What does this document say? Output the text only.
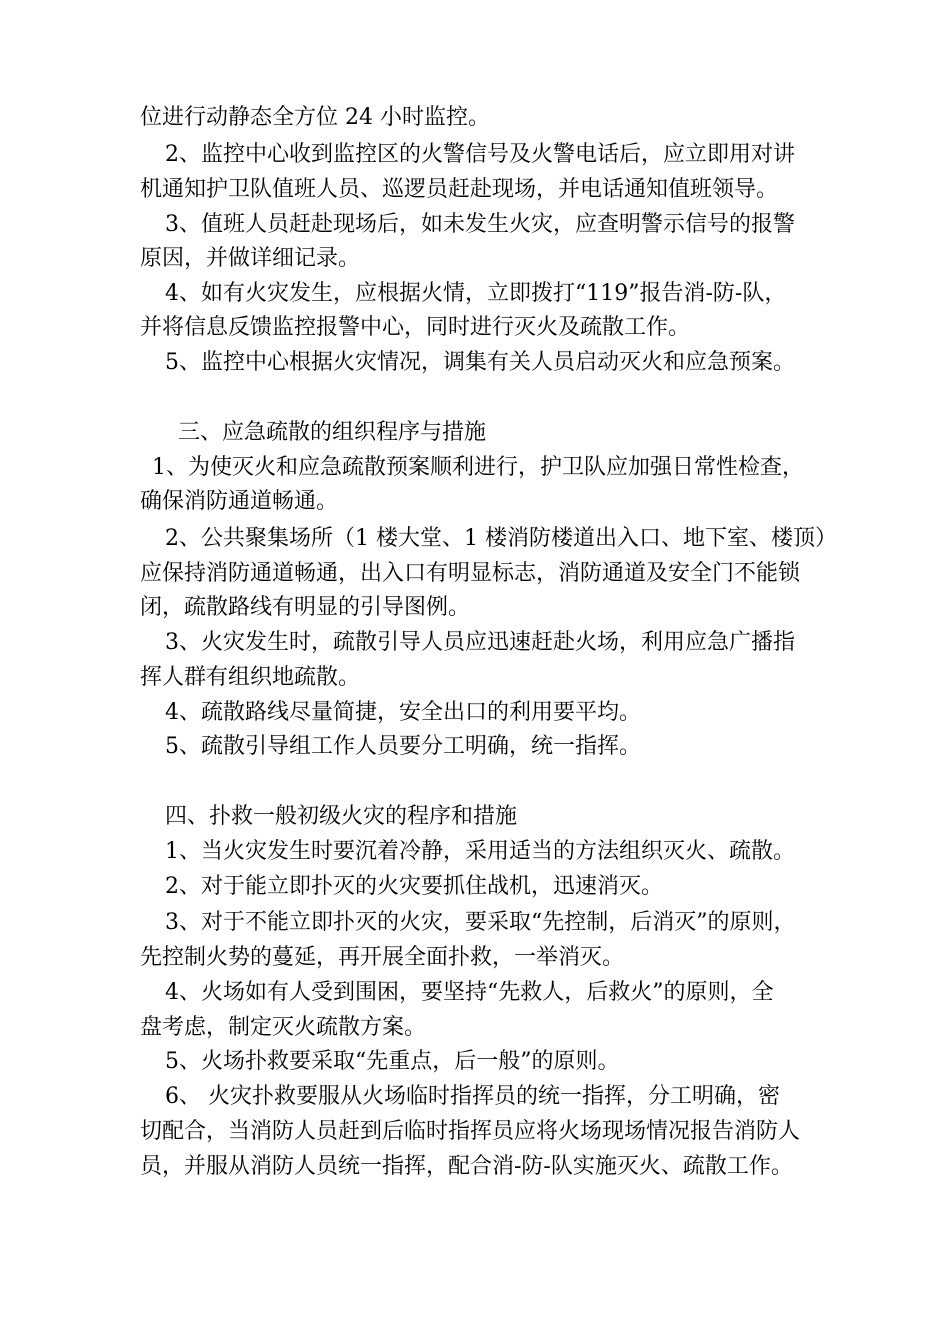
位进行动静态全方位 24 小时监控。
2、监控中心收到监控区的火警信号及火警电话后，应立即用对讲
机通知护卫队值班人员、巡逻员赶赴现场，并电话通知值班领导。
3、值班人员赶赴现场后，如未发生火灾，应查明警示信号的报警
原因，并做详细记录。
4、如有火灾发生，应根据火情，立即拨打“119”报告消-防-队，
并将信息反馈监控报警中心，同时进行灭火及疏散工作。
5、监控中心根据火灾情况，调集有关人员启动灭火和应急预案。
三、应急疏散的组织程序与措施
1、为使灭火和应急疏散预案顺利进行，护卫队应加强日常性检查，
确保消防通道畅通。
2、公共聚集场所（1 楼大堂、1 楼消防楼道出入口、地下室、楼顶）
应保持消防通道畅通，出入口有明显标志，消防通道及安全门不能锁
闭，疏散路线有明显的引导图例。
3、火灾发生时，疏散引导人员应迅速赶赴火场，利用应急广播指
挥人群有组织地疏散。
4、疏散路线尽量简捷，安全出口的利用要平均。
5、疏散引导组工作人员要分工明确，统一指挥。
四、扑救一般初级火灾的程序和措施
1、当火灾发生时要沉着冷静，采用适当的方法组织灭火、疏散。
2、对于能立即扑灭的火灾要抓住战机，迅速消灭。
3、对于不能立即扑灭的火灾，要采取“先控制，后消灭”的原则，
先控制火势的蔓延，再开展全面扑救，一举消灭。
4、火场如有人受到围困，要坚持“先救人，后救火”的原则，全
盘考虑，制定灭火疏散方案。
5、火场扑救要采取“先重点，后一般”的原则。
6、 火灾扑救要服从火场临时指挥员的统一指挥，分工明确，密
切配合，当消防人员赶到后临时指挥员应将火场现场情况报告消防人
员，并服从消防人员统一指挥，配合消-防-队实施灭火、疏散工作。
